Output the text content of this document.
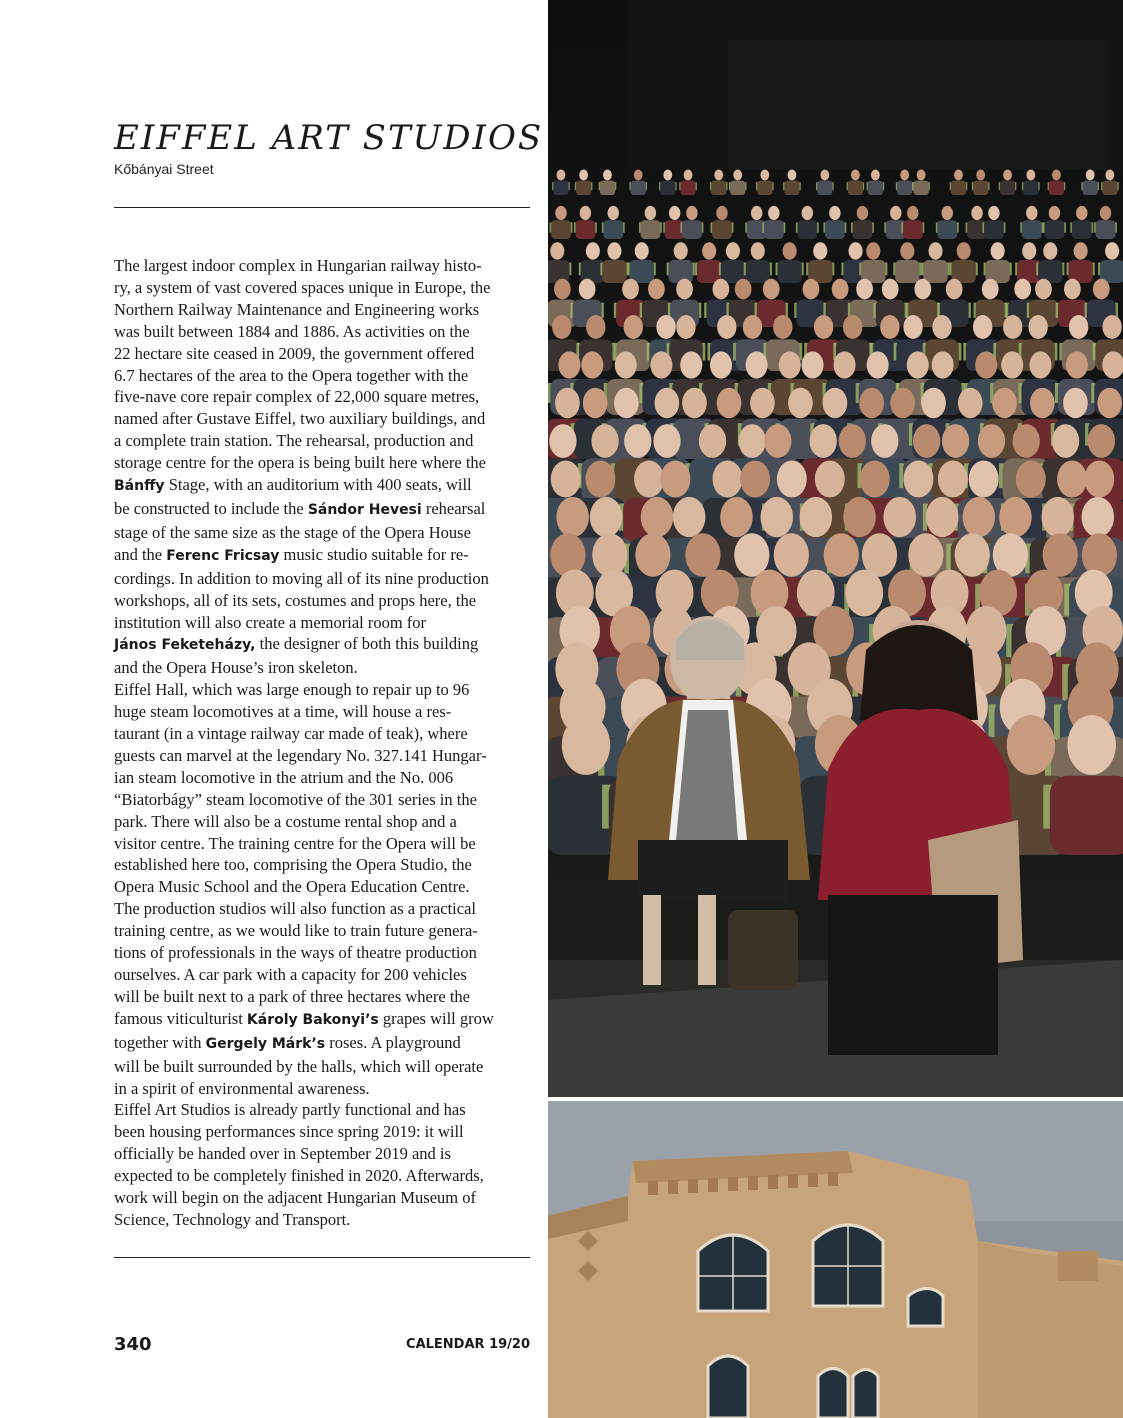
EIFFEL ART STUDIOS
Kőbányai Street
The largest indoor complex in Hungarian railway histo-
ry, a system of vast covered spaces unique in Europe, the
Northern Railway Maintenance and Engineering works
was built between 1884 and 1886. As activities on the
22 hectare site ceased in 2009, the government offered
6.7 hectares of the area to the Opera together with the
five-nave core repair complex of 22,000 square metres,
named after Gustave Eiffel, two auxiliary buildings, and
a complete train station. The rehearsal, production and
storage centre for the opera is being built here where the
Bánffy Stage, with an auditorium with 400 seats, will
be constructed to include the Sándor Hevesi rehearsal
stage of the same size as the stage of the Opera House
and the Ferenc Fricsay music studio suitable for re-
cordings. In addition to moving all of its nine production
workshops, all of its sets, costumes and props here, the
institution will also create a memorial room for
János Feketeházy, the designer of both this building
and the Opera House’s iron skeleton.
Eiffel Hall, which was large enough to repair up to 96
huge steam locomotives at a time, will house a res-
taurant (in a vintage railway car made of teak), where
guests can marvel at the legendary No. 327.141 Hungar-
ian steam locomotive in the atrium and the No. 006
“Biatorbágy” steam locomotive of the 301 series in the
park. There will also be a costume rental shop and a
visitor centre. The training centre for the Opera will be
established here too, comprising the Opera Studio, the
Opera Music School and the Opera Education Centre.
The production studios will also function as a practical
training centre, as we would like to train future genera-
tions of professionals in the ways of theatre production
ourselves. A car park with a capacity for 200 vehicles
will be built next to a park of three hectares where the
famous viticulturist Károly Bakonyi’s grapes will grow
together with Gergely Márk’s roses. A playground
will be built surrounded by the halls, which will operate
in a spirit of environmental awareness.
Eiffel Art Studios is already partly functional and has
been housing performances since spring 2019: it will
officially be handed over in September 2019 and is
expected to be completely finished in 2020. Afterwards,
work will begin on the adjacent Hungarian Museum of
Science, Technology and Transport.
340	CALENDAR 19/20
